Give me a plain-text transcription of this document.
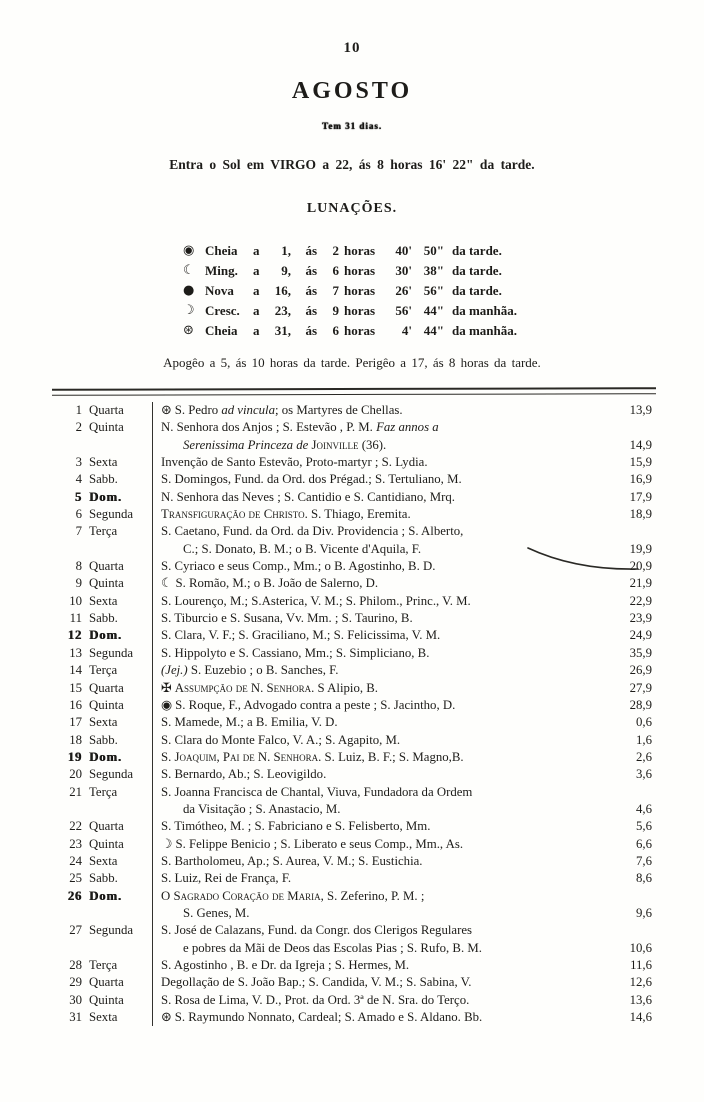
10
AGOSTO
Tem 31 dias.
Entra o Sol em VIRGO a 22, ás 8 horas 16' 22" da tarde.
LUNAÇÕES.
◉ Cheia	a	1,	ás	2 horas	40' 50" da tarde.
☾ Ming.	a	9,	ás	6 horas	30' 38" da tarde.
● Nova	a	16,	ás	7 horas	26' 56" da tarde.
☽ Cresc.	a	23,	ás	9 horas	56' 44" da manhãa.
⊛ Cheia	a	31,	ás	6 horas	4' 44" da manhãa.
Apogêo a 5, ás 10 horas da tarde. Perigêo a 17, ás 8 horas da tarde.
1 Quarta	⊛ S. Pedro ad vincula; os Martyres de Chellas.	13,9
2 Quinta	N. Senhora dos Anjos ; S. Estevão , P. M. Faz annos a
Serenissima Princeza de Joinville (36).	14,9
3 Sexta	Invenção de Santo Estevão, Proto-martyr ; S. Lydia.	15,9
4 Sabb.	S. Domingos, Fund. da Ord. dos Prégad.; S. Tertuliano, M.	16,9
5 Dom.	N. Senhora das Neves ; S. Cantidio e S. Cantidiano, Mrq.	17,9
6 Segunda	Transfiguração de Christo. S. Thiago, Eremita.	18,9
7 Terça	S. Caetano, Fund. da Ord. da Div. Providencia ; S. Alberto,
C.; S. Donato, B. M.; o B. Vicente d'Aquila, F.	19,9
8 Quarta	S. Cyriaco e seus Comp., Mm.; o B. Agostinho, B. D.	20,9
9 Quinta	☾ S. Romão, M.; o B. João de Salerno, D.	21,9
10 Sexta	S. Lourenço, M.; S.Asterica, V. M.; S. Philom., Princ., V. M.	22,9
11 Sabb.	S. Tiburcio e S. Susana, Vv. Mm. ; S. Taurino, B.	23,9
12 Dom.	S. Clara, V. F.; S. Graciliano, M.; S. Felicissima, V. M.	24,9
13 Segunda	S. Hippolyto e S. Cassiano, Mm.; S. Simpliciano, B.	35,9
14 Terça	(Jej.) S. Euzebio ; o B. Sanches, F.	26,9
15 Quarta	✠ Assumpção de N. Senhora. S Alipio, B.	27,9
16 Quinta	◉ S. Roque, F., Advogado contra a peste ; S. Jacintho, D.	28,9
17 Sexta	S. Mamede, M.; a B. Emilia, V. D.	0,6
18 Sabb.	S. Clara do Monte Falco, V. A.; S. Agapito, M.	1,6
19 Dom.	S. Joaquim, Pai de N. Senhora. S. Luiz, B. F.; S. Magno,B.	2,6
20 Segunda	S. Bernardo, Ab.; S. Leovigildo.	3,6
21 Terça	S. Joanna Francisca de Chantal, Viuva, Fundadora da Ordem
da Visitação ; S. Anastacio, M.	4,6
22 Quarta	S. Timótheo, M. ; S. Fabriciano e S. Felisberto, Mm.	5,6
23 Quinta	☽ S. Felippe Benicio ; S. Liberato e seus Comp., Mm., As.	6,6
24 Sexta	S. Bartholomeu, Ap.; S. Aurea, V. M.; S. Eustichia.	7,6
25 Sabb.	S. Luiz, Rei de França, F.	8,6
26 Dom.	O Sagrado Coração de Maria, S. Zeferino, P. M. ;
S. Genes, M.	9,6
27 Segunda	S. José de Calazans, Fund. da Congr. dos Clerigos Regulares
e pobres da Mãi de Deos das Escolas Pias ; S. Rufo, B. M.	10,6
28 Terça	S. Agostinho , B. e Dr. da Igreja ; S. Hermes, M.	11,6
29 Quarta	Degollação de S. João Bap.; S. Candida, V. M.; S. Sabina, V.	12,6
30 Quinta	S. Rosa de Lima, V. D., Prot. da Ord. 3ª de N. Sra. do Terço.	13,6
31 Sexta	⊛ S. Raymundo Nonnato, Cardeal; S. Amado e S. Aldano. Bb.	14,6
